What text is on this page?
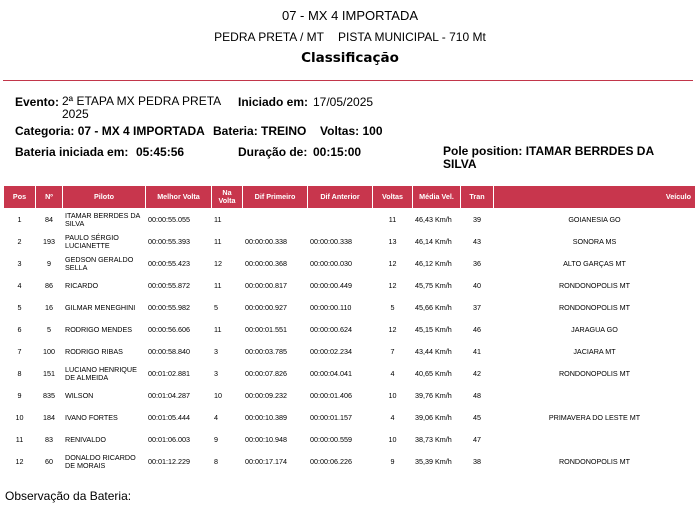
07 - MX 4 IMPORTADA
PEDRA PRETA / MT PISTA MUNICIPAL - 710 Mt
Classificação
Evento: 2ª ETAPA MX PEDRA PRETA 2025
Iniciado em: 17/05/2025
Categoria: 07 - MX 4 IMPORTADA Bateria: TREINO Voltas: 100
Bateria iniciada em: 05:45:56	Duração de: 00:15:00	Pole position: ITAMAR BERRDES DA SILVA
Pos	Nº	Piloto	Melhor Volta	Na Volta	Dif Primeiro	Dif Anterior	Voltas	Média Vel.	Tran	Veículo
1	84	ITAMAR BERRDES DA SILVA	00:00:55.055	11			11	46,43 Km/h	39	GOIANESIA GO
2	193	PAULO SÉRGIO LUCIANETTE	00:00:55.393	11	00:00:00.338	00:00:00.338	13	46,14 Km/h	43	SONORA MS
3	9	GEDSON GERALDO SELLA	00:00:55.423	12	00:00:00.368	00:00:00.030	12	46,12 Km/h	36	ALTO GARÇAS MT
4	86	RICARDO	00:00:55.872	11	00:00:00.817	00:00:00.449	12	45,75 Km/h	40	RONDONOPOLIS MT
5	16	GILMAR MENEGHINI	00:00:55.982	5	00:00:00.927	00:00:00.110	5	45,66 Km/h	37	RONDONOPOLIS MT
6	5	RODRIGO MENDES	00:00:56.606	11	00:00:01.551	00:00:00.624	12	45,15 Km/h	46	JARAGUA GO
7	100	RODRIGO RIBAS	00:00:58.840	3	00:00:03.785	00:00:02.234	7	43,44 Km/h	41	JACIARA MT
8	151	LUCIANO HENRIQUE DE ALMEIDA	00:01:02.881	3	00:00:07.826	00:00:04.041	4	40,65 Km/h	42	RONDONOPOLIS MT
9	835	WILSON	00:01:04.287	10	00:00:09.232	00:00:01.406	10	39,76 Km/h	48	
10	184	IVANO FORTES	00:01:05.444	4	00:00:10.389	00:00:01.157	4	39,06 Km/h	45	PRIMAVERA DO LESTE MT
11	83	RENIVALDO	00:01:06.003	9	00:00:10.948	00:00:00.559	10	38,73 Km/h	47	
12	60	DONALDO RICARDO DE MORAIS	00:01:12.229	8	00:00:17.174	00:00:06.226	9	35,39 Km/h	38	RONDONOPOLIS MT
Observação da Bateria:
